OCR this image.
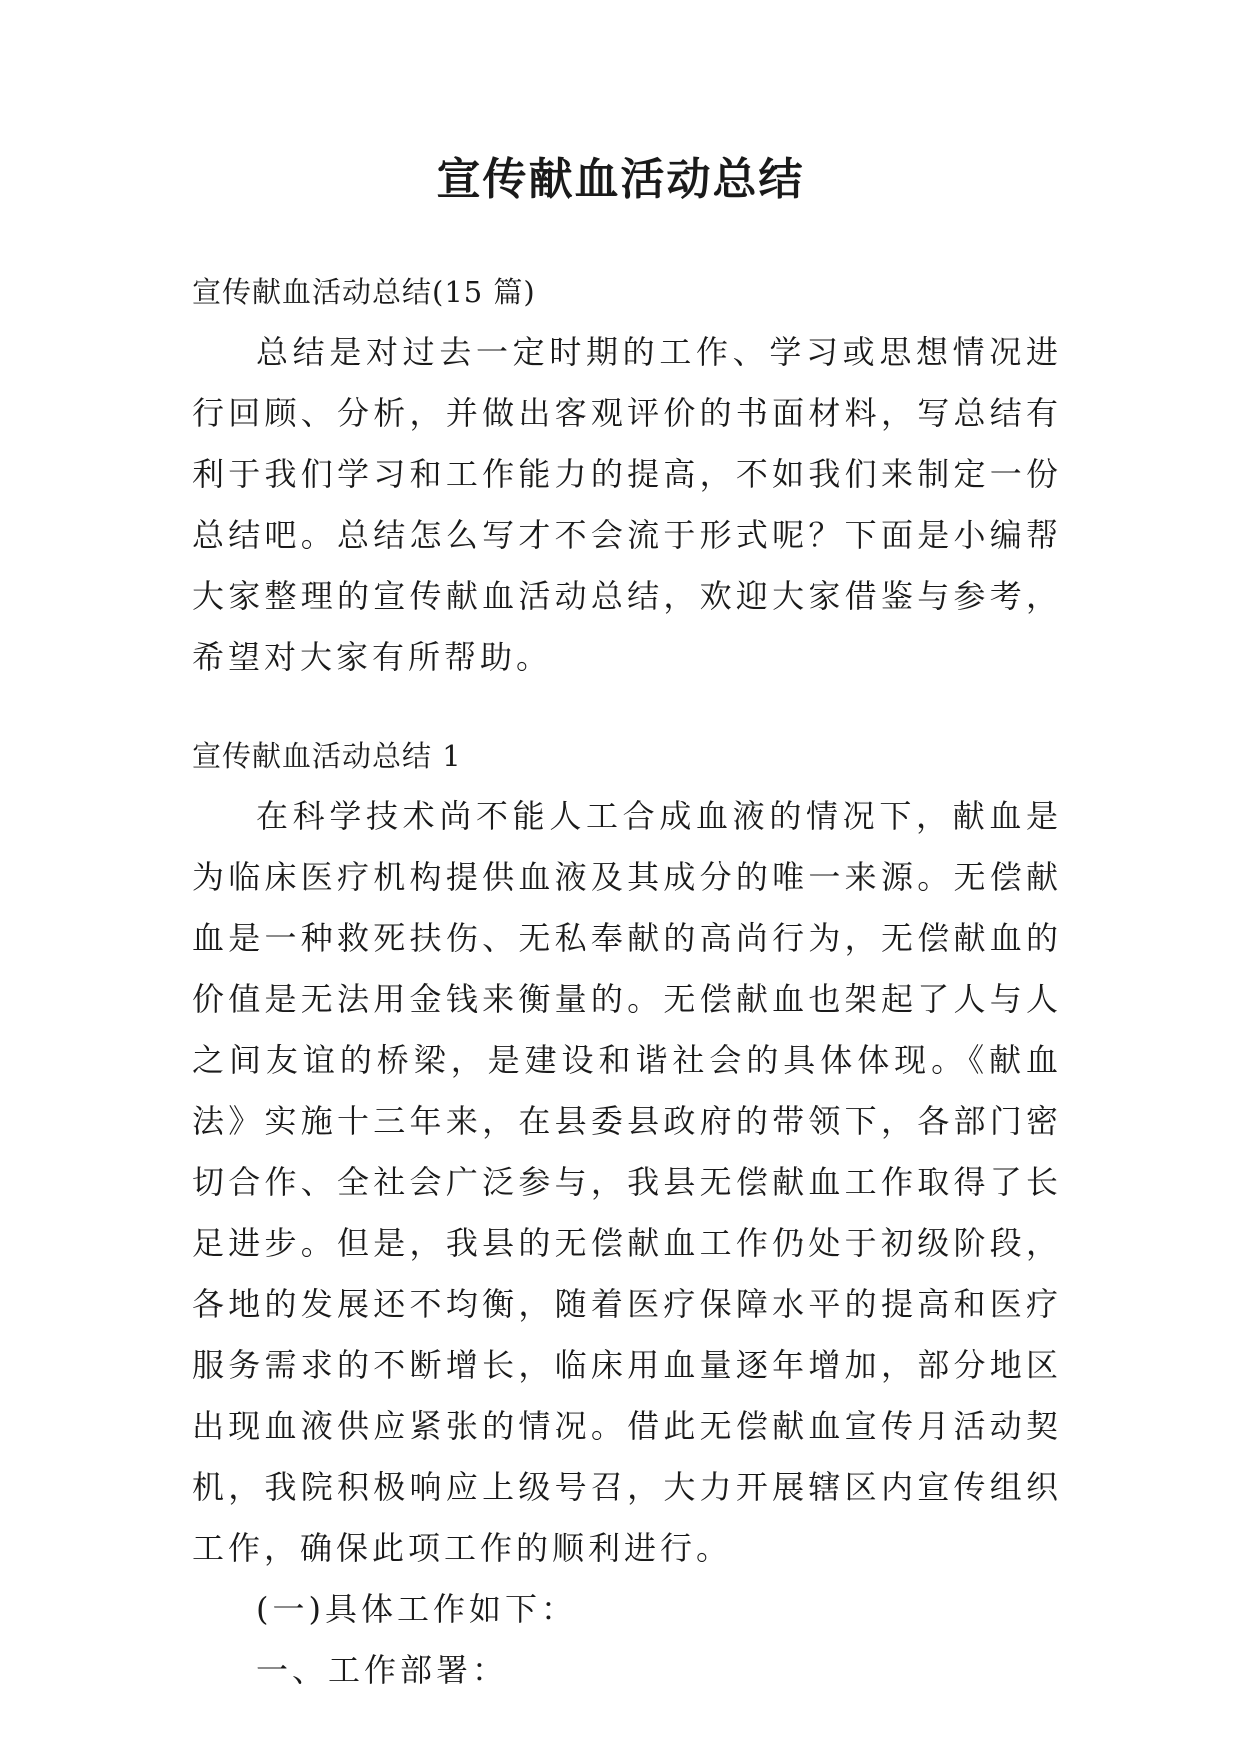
宣传献血活动总结

宣传献血活动总结(15 篇)

总结是对过去一定时期的工作、学习或思想情况进行回顾、分析，并做出客观评价的书面材料，写总结有利于我们学习和工作能力的提高，不如我们来制定一份总结吧。总结怎么写才不会流于形式呢？下面是小编帮大家整理的宣传献血活动总结，欢迎大家借鉴与参考，希望对大家有所帮助。

宣传献血活动总结 1

在科学技术尚不能人工合成血液的情况下，献血是为临床医疗机构提供血液及其成分的唯一来源。无偿献血是一种救死扶伤、无私奉献的高尚行为，无偿献血的价值是无法用金钱来衡量的。无偿献血也架起了人与人之间友谊的桥梁，是建设和谐社会的具体体现。《献血法》实施十三年来，在县委县政府的带领下，各部门密切合作、全社会广泛参与，我县无偿献血工作取得了长足进步。但是，我县的无偿献血工作仍处于初级阶段，各地的发展还不均衡，随着医疗保障水平的提高和医疗服务需求的不断增长，临床用血量逐年增加，部分地区出现血液供应紧张的情况。借此无偿献血宣传月活动契机，我院积极响应上级号召，大力开展辖区内宣传组织工作，确保此项工作的顺利进行。

(一)具体工作如下：

一、工作部署：
